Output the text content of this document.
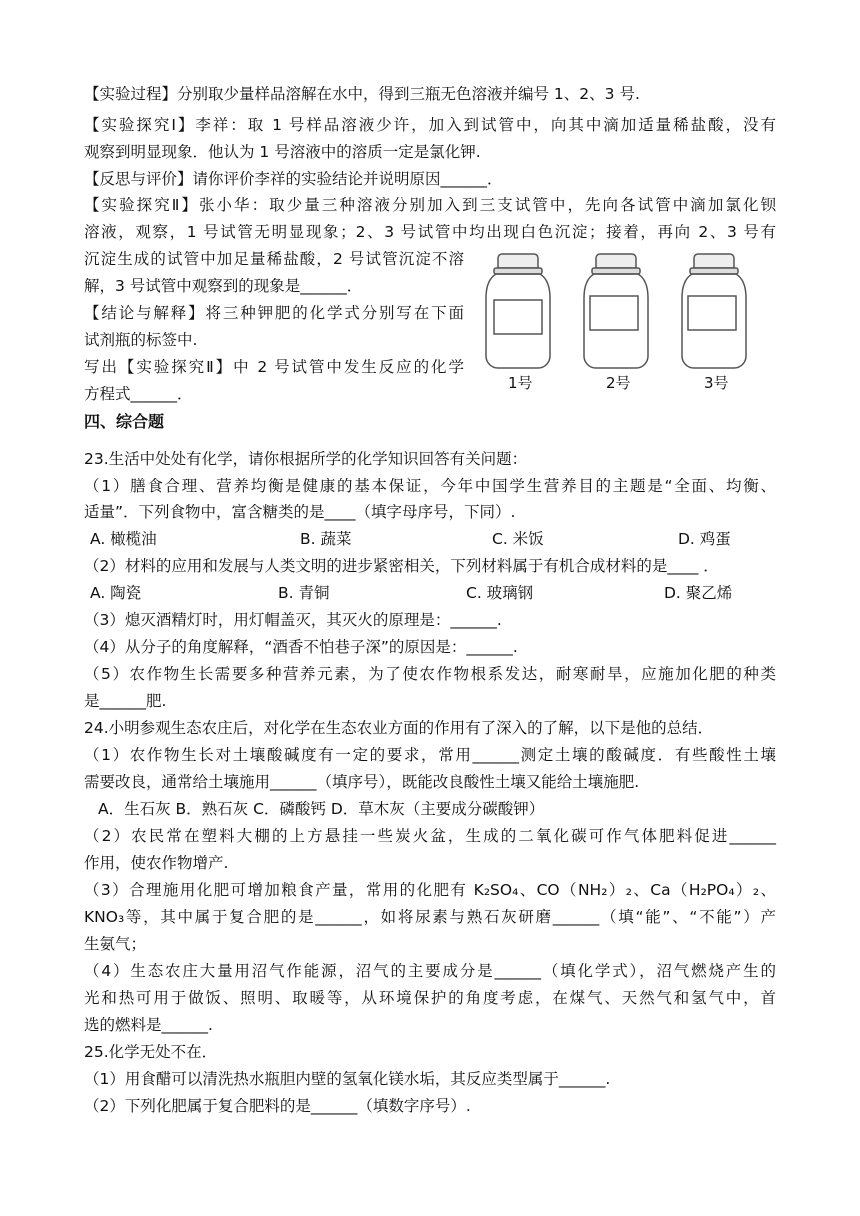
【实验过程】分别取少量样品溶解在水中，得到三瓶无色溶液并编号 1、2、3 号.
【实验探究Ⅰ】李祥：取 1 号样品溶液少许，加入到试管中，向其中滴加适量稀盐酸，没有
观察到明显现象．他认为 1 号溶液中的溶质一定是氯化钾.
【反思与评价】请你评价李祥的实验结论并说明原因______．
【实验探究Ⅱ】张小华：取少量三种溶液分别加入到三支试管中，先向各试管中滴加氯化钡
溶液，观察，1 号试管无明显现象；2、3 号试管中均出现白色沉淀；接着，再向 2、3 号有
沉淀生成的试管中加足量稀盐酸，2 号试管沉淀不溶
解，3 号试管中观察到的现象是______．
【结论与解释】将三种钾肥的化学式分别写在下面
试剂瓶的标签中.
写出【实验探究Ⅱ】中 2 号试管中发生反应的化学
方程式______．
1号	2号	3号
四、综合题
23.生活中处处有化学，请你根据所学的化学知识回答有关问题：
（1）膳食合理、营养均衡是健康的基本保证，今年中国学生营养目的主题是“全面、均衡、
适量”．下列食物中，富含糖类的是____（填字母序号，下同）.
A. 橄榄油	B. 蔬菜	C. 米饭	D. 鸡蛋
（2）材料的应用和发展与人类文明的进步紧密相关，下列材料属于有机合成材料的是____ ．
A. 陶瓷	B. 青铜	C. 玻璃钢	D. 聚乙烯
（3）熄灭酒精灯时，用灯帽盖灭，其灭火的原理是：______.
（4）从分子的角度解释，“酒香不怕巷子深”的原因是：______.
（5）农作物生长需要多种营养元素，为了使农作物根系发达，耐寒耐旱，应施加化肥的种类
是______肥.
24.小明参观生态农庄后，对化学在生态农业方面的作用有了深入的了解，以下是他的总结．
（1）农作物生长对土壤酸碱度有一定的要求，常用______测定土壤的酸碱度．有些酸性土壤
需要改良，通常给土壤施用______（填序号），既能改良酸性土壤又能给土壤施肥.
A．生石灰 B．熟石灰 C．磷酸钙 D．草木灰（主要成分碳酸钾）
（2）农民常在塑料大棚的上方悬挂一些炭火盆，生成的二氧化碳可作气体肥料促进______
作用，使农作物增产.
（3）合理施用化肥可增加粮食产量，常用的化肥有 K₂SO₄、CO（NH₂）₂、Ca（H₂PO₄）₂、
KNO₃等，其中属于复合肥的是______，如将尿素与熟石灰研磨______（填“能”、“不能”）产
生氨气；
（4）生态农庄大量用沼气作能源，沼气的主要成分是______（填化学式），沼气燃烧产生的
光和热可用于做饭、照明、取暖等，从环境保护的角度考虑，在煤气、天然气和氢气中，首
选的燃料是______.
25.化学无处不在．
（1）用食醋可以清洗热水瓶胆内壁的氢氧化镁水垢，其反应类型属于______.
（2）下列化肥属于复合肥料的是______（填数字序号）.
